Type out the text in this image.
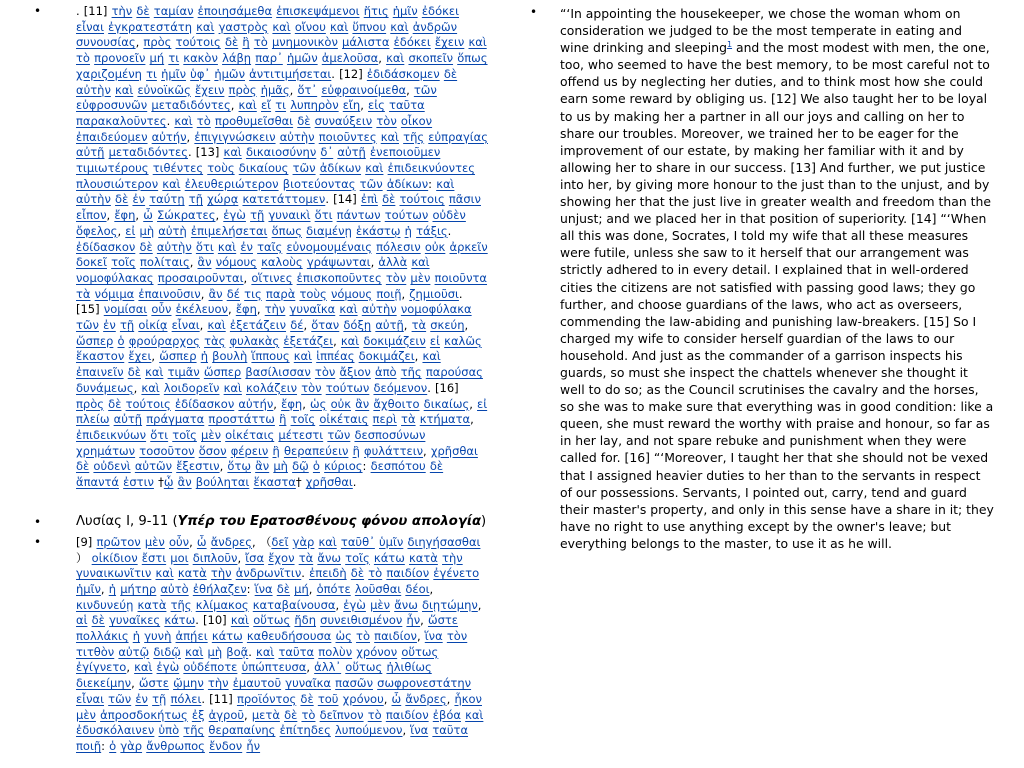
•	. [11] τὴν δὲ ταμίαν ἐποιησάμεθα ἐπισκεψάμενοι ἥτις ἡμῖν ἐδόκει εἶναι ἐγκρατεστάτη καὶ γαστρὸς καὶ οἴνου καὶ ὕπνου καὶ ἀνδρῶν συνουσίας, πρὸς τούτοις δὲ ἣ τὸ μνημονικὸν μάλιστα ἐδόκει ἔχειν καὶ τὸ προνοεῖν μή τι κακὸν λάβῃ παρ᾽ ἡμῶν ἀμελοῦσα, καὶ σκοπεῖν ὅπως χαριζομένη τι ἡμῖν ὑφ᾽ ἡμῶν ἀντιτιμήσεται. [12] ἐδιδάσκομεν δὲ αὐτὴν καὶ εὐνοϊκῶς ἔχειν πρὸς ἡμᾶς, ὅτ᾽ εὐφραινοίμεθα, τῶν εὐφροσυνῶν μεταδιδόντες, καὶ εἴ τι λυπηρὸν εἴη, εἰς ταῦτα παρακαλοῦντες. καὶ τὸ προθυμεῖσθαι δὲ συναύξειν τὸν οἶκον ἐπαιδεύομεν αὐτήν, ἐπιγιγνώσκειν αὐτὴν ποιοῦντες καὶ τῆς εὐπραγίας αὐτῇ μεταδιδόντες. [13] καὶ δικαιοσύνην δ᾽ αὐτῇ ἐνεποιοῦμεν τιμιωτέρους τιθέντες τοὺς δικαίους τῶν ἀδίκων καὶ ἐπιδεικνύοντες πλουσιώτερον καὶ ἐλευθεριώτερον βιοτεύοντας τῶν ἀδίκων: καὶ αὐτὴν δὲ ἐν ταύτῃ τῇ χώρᾳ κατετάττομεν. [14] ἐπὶ δὲ τούτοις πᾶσιν εἶπον, ἔφη, ὦ Σώκρατες, ἐγὼ τῇ γυναικὶ ὅτι πάντων τούτων οὐδὲν ὄφελος, εἰ μὴ αὐτὴ ἐπιμελήσεται ὅπως διαμένῃ ἑκάστῳ ἡ τάξις. ἐδίδασκον δὲ αὐτὴν ὅτι καὶ ἐν ταῖς εὐνομουμέναις πόλεσιν οὐκ ἀρκεῖν δοκεῖ τοῖς πολίταις, ἂν νόμους καλοὺς γράψωνται, ἀλλὰ καὶ νομοφύλακας προσαιροῦνται, οἵτινες ἐπισκοποῦντες τὸν μὲν ποιοῦντα τὰ νόμιμα ἐπαινοῦσιν, ἂν δέ τις παρὰ τοὺς νόμους ποιῇ, ζημιοῦσι. [15] νομίσαι οὖν ἐκέλευον, ἔφη, τὴν γυναῖκα καὶ αὐτὴν νομοφύλακα τῶν ἐν τῇ οἰκίᾳ εἶναι, καὶ ἐξετάζειν δέ, ὅταν δόξῃ αὐτῇ, τὰ σκεύη, ὥσπερ ὁ φρούραρχος τὰς φυλακὰς ἐξετάζει, καὶ δοκιμάζειν εἰ καλῶς ἕκαστον ἔχει, ὥσπερ ἡ βουλὴ ἵππους καὶ ἱππέας δοκιμάζει, καὶ ἐπαινεῖν δὲ καὶ τιμᾶν ὥσπερ βασίλισσαν τὸν ἄξιον ἀπὸ τῆς παρούσας δυνάμεως, καὶ λοιδορεῖν καὶ κολάζειν τὸν τούτων δεόμενον. [16] πρὸς δὲ τούτοις ἐδίδασκον αὐτήν, ἔφη, ὡς οὐκ ἂν ἄχθοιτο δικαίως, εἰ πλείω αὐτῇ πράγματα προστάττω ἢ τοῖς οἰκέταις περὶ τὰ κτήματα, ἐπιδεικνύων ὅτι τοῖς μὲν οἰκέταις μέτεστι τῶν δεσποσύνων χρημάτων τοσοῦτον ὅσον φέρειν ἢ θεραπεύειν ἢ φυλάττειν, χρῆσθαι δὲ οὐδενὶ αὐτῶν ἔξεστιν, ὅτῳ ἂν μὴ δῷ ὁ κύριος: δεσπότου δὲ ἅπαντά ἐστιν †ᾧ ἂν βούληται ἕκαστα† χρῆσθαι.

•	Λυσίας Ι, 9-11 (Υπέρ του Ερατοσθένους φόνου απολογία)

•	[9] πρῶτον μὲν οὖν, ὦ ἄνδρες, （δεῖ γὰρ καὶ ταῦθ᾽ ὑμῖν διηγήσασθαι ） οἰκίδιον ἔστι μοι διπλοῦν, ἴσα ἔχον τὰ ἄνω τοῖς κάτω κατὰ τὴν γυναικωνῖτιν καὶ κατὰ τὴν ἀνδρωνῖτιν. ἐπειδὴ δὲ τὸ παιδίον ἐγένετο ἡμῖν, ἡ μήτηρ αὐτὸ ἐθήλαζεν: ἵνα δὲ μή, ὁπότε λοῦσθαι δέοι, κινδυνεύῃ κατὰ τῆς κλίμακος καταβαίνουσα, ἐγὼ μὲν ἄνω διῃτώμην, αἱ δὲ γυναῖκες κάτω. [10] καὶ οὕτως ἤδη συνειθισμένον ἦν, ὥστε πολλάκις ἡ γυνὴ ἀπῄει κάτω καθευδήσουσα ὡς τὸ παιδίον, ἵνα τὸν τιτθὸν αὐτῷ διδῷ καὶ μὴ βοᾷ. καὶ ταῦτα πολὺν χρόνον οὕτως ἐγίγνετο, καὶ ἐγὼ οὐδέποτε ὑπώπτευσα, ἀλλ᾽ οὕτως ἠλιθίως διεκείμην, ὥστε ᾤμην τὴν ἐμαυτοῦ γυναῖκα πασῶν σωφρονεστάτην εἶναι τῶν ἐν τῇ πόλει. [11] προϊόντος δὲ τοῦ χρόνου, ὦ ἄνδρες, ἧκον μὲν ἀπροσδοκήτως ἐξ ἀγροῦ, μετὰ δὲ τὸ δεῖπνον τὸ παιδίον ἐβόα καὶ ἐδυσκόλαινεν ὑπὸ τῆς θεραπαίνης ἐπίτηδες λυπούμενον, ἵνα ταῦτα ποιῇ: ὁ γὰρ ἄνθρωπος ἔνδον ἦν

• “‘In appointing the housekeeper, we chose the woman whom on consideration we judged to be the most temperate in eating and wine drinking and sleeping$^1$ and the most modest with men, the one, too, who seemed to have the best memory, to be most careful not to offend us by neglecting her duties, and to think most how she could earn some reward by obliging us. [12] We also taught her to be loyal to us by making her a partner in all our joys and calling on her to share our troubles. Moreover, we trained her to be eager for the improvement of our estate, by making her familiar with it and by allowing her to share in our success. [13] And further, we put justice into her, by giving more honour to the just than to the unjust, and by showing her that the just live in greater wealth and freedom than the unjust; and we placed her in that position of superiority. [14] “‘When all this was done, Socrates, I told my wife that all these measures were futile, unless she saw to it herself that our arrangement was strictly adhered to in every detail. I explained that in well-ordered cities the citizens are not satisfied with passing good laws; they go further, and choose guardians of the laws, who act as overseers, commending the law-abiding and punishing law-breakers. [15] So I charged my wife to consider herself guardian of the laws to our household. And just as the commander of a garrison inspects his guards, so must she inspect the chattels whenever she thought it well to do so; as the Council scrutinises the cavalry and the horses, so she was to make sure that everything was in good condition: like a queen, she must reward the worthy with praise and honour, so far as in her lay, and not spare rebuke and punishment when they were called for. [16] “‘Moreover, I taught her that she should not be vexed that I assigned heavier duties to her than to the servants in respect of our possessions. Servants, I pointed out, carry, tend and guard their master's property, and only in this sense have a share in it; they have no right to use anything except by the owner's leave; but everything belongs to the master, to use it as he will.
